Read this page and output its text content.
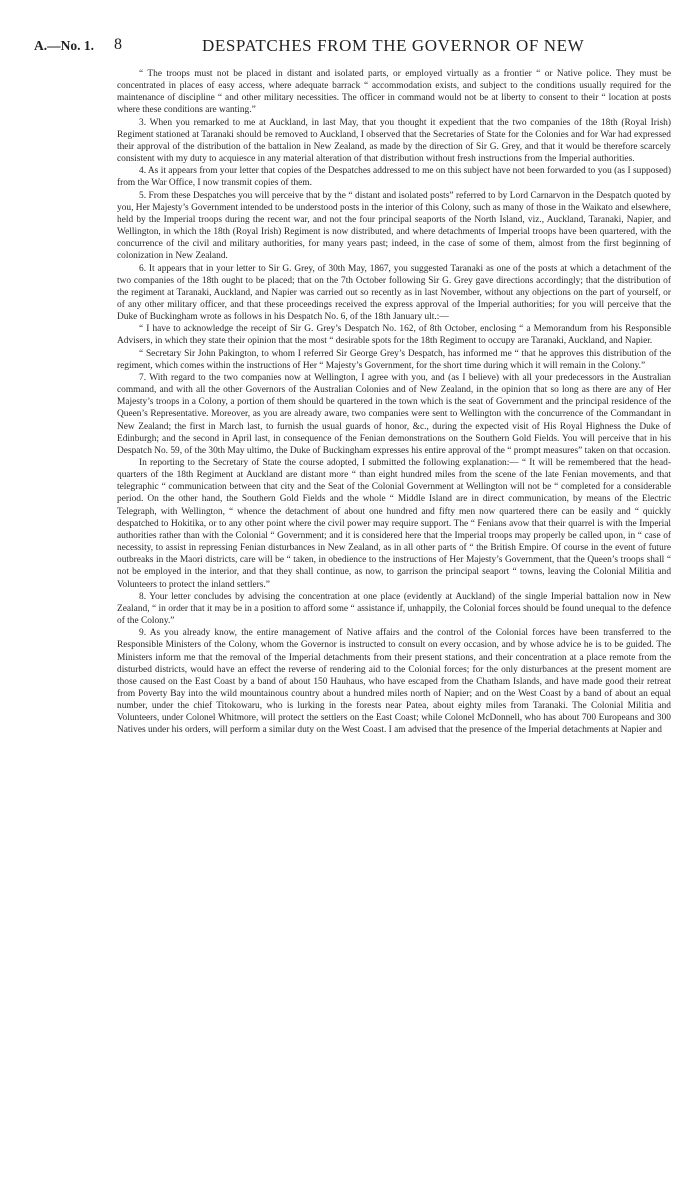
A.—No. 1. 8	DESPATCHES FROM THE GOVERNOR OF NEW

“ The troops must not be placed in distant and isolated parts, or employed virtually as a frontier “ or Native police. They must be concentrated in places of easy access, where adequate barrack “ accommodation exists, and subject to the conditions usually required for the maintenance of discipline “ and other military necessities. The officer in command would not be at liberty to consent to their “ location at posts where these conditions are wanting.”

3. When you remarked to me at Auckland, in last May, that you thought it expedient that the two companies of the 18th (Royal Irish) Regiment stationed at Taranaki should be removed to Auckland, I observed that the Secretaries of State for the Colonies and for War had expressed their approval of the distribution of the battalion in New Zealand, as made by the direction of Sir G. Grey, and that it would be therefore scarcely consistent with my duty to acquiesce in any material alteration of that distribution without fresh instructions from the Imperial authorities.

4. As it appears from your letter that copies of the Despatches addressed to me on this subject have not been forwarded to you (as I supposed) from the War Office, I now transmit copies of them.

5. From these Despatches you will perceive that by the “ distant and isolated posts” referred to by Lord Carnarvon in the Despatch quoted by you, Her Majesty’s Government intended to be understood posts in the interior of this Colony, such as many of those in the Waikato and elsewhere, held by the Imperial troops during the recent war, and not the four principal seaports of the North Island, viz., Auckland, Taranaki, Napier, and Wellington, in which the 18th (Royal Irish) Regiment is now distributed, and where detachments of Imperial troops have been quartered, with the concurrence of the civil and military authorities, for many years past; indeed, in the case of some of them, almost from the first beginning of colonization in New Zealand.

6. It appears that in your letter to Sir G. Grey, of 30th May, 1867, you suggested Taranaki as one of the posts at which a detachment of the two companies of the 18th ought to be placed; that on the 7th October following Sir G. Grey gave directions accordingly; that the distribution of the regiment at Taranaki, Auckland, and Napier was carried out so recently as in last November, without any objections on the part of yourself, or of any other military officer, and that these proceedings received the express approval of the Imperial authorities; for you will perceive that the Duke of Buckingham wrote as follows in his Despatch No. 6, of the 18th January ult.:—

“ I have to acknowledge the receipt of Sir G. Grey’s Despatch No. 162, of 8th October, enclosing “ a Memorandum from his Responsible Advisers, in which they state their opinion that the most “ desirable spots for the 18th Regiment to occupy are Taranaki, Auckland, and Napier.

“ Secretary Sir John Pakington, to whom I referred Sir George Grey’s Despatch, has informed me “ that he approves this distribution of the regiment, which comes within the instructions of Her “ Majesty’s Government, for the short time during which it will remain in the Colony.”

7. With regard to the two companies now at Wellington, I agree with you, and (as I believe) with all your predecessors in the Australian command, and with all the other Governors of the Australian Colonies and of New Zealand, in the opinion that so long as there are any of Her Majesty’s troops in a Colony, a portion of them should be quartered in the town which is the seat of Government and the principal residence of the Queen’s Representative. Moreover, as you are already aware, two companies were sent to Wellington with the concurrence of the Commandant in New Zealand; the first in March last, to furnish the usual guards of honor, &c., during the expected visit of His Royal Highness the Duke of Edinburgh; and the second in April last, in consequence of the Fenian demonstrations on the Southern Gold Fields. You will perceive that in his Despatch No. 59, of the 30th May ultimo, the Duke of Buckingham expresses his entire approval of the “ prompt measures” taken on that occasion.

In reporting to the Secretary of State the course adopted, I submitted the following explanation:— “ It will be remembered that the head-quarters of the 18th Regiment at Auckland are distant more “ than eight hundred miles from the scene of the late Fenian movements, and that telegraphic “ communication between that city and the Seat of the Colonial Government at Wellington will not be “ completed for a considerable period. On the other hand, the Southern Gold Fields and the whole “ Middle Island are in direct communication, by means of the Electric Telegraph, with Wellington, “ whence the detachment of about one hundred and fifty men now quartered there can be easily and “ quickly despatched to Hokitika, or to any other point where the civil power may require support. The “ Fenians avow that their quarrel is with the Imperial authorities rather than with the Colonial “ Government; and it is considered here that the Imperial troops may properly be called upon, in “ case of necessity, to assist in repressing Fenian disturbances in New Zealand, as in all other parts of “ the British Empire. Of course in the event of future outbreaks in the Maori districts, care will be “ taken, in obedience to the instructions of Her Majesty’s Government, that the Queen’s troops shall “ not be employed in the interior, and that they shall continue, as now, to garrison the principal seaport “ towns, leaving the Colonial Militia and Volunteers to protect the inland settlers.”

8. Your letter concludes by advising the concentration at one place (evidently at Auckland) of the single Imperial battalion now in New Zealand, “ in order that it may be in a position to afford some “ assistance if, unhappily, the Colonial forces should be found unequal to the defence of the Colony.”

9. As you already know, the entire management of Native affairs and the control of the Colonial forces have been transferred to the Responsible Ministers of the Colony, whom the Governor is instructed to consult on every occasion, and by whose advice he is to be guided. The Ministers inform me that the removal of the Imperial detachments from their present stations, and their concentration at a place remote from the disturbed districts, would have an effect the reverse of rendering aid to the Colonial forces; for the only disturbances at the present moment are those caused on the East Coast by a band of about 150 Hauhaus, who have escaped from the Chatham Islands, and have made good their retreat from Poverty Bay into the wild mountainous country about a hundred miles north of Napier; and on the West Coast by a band of about an equal number, under the chief Titokowaru, who is lurking in the forests near Patea, about eighty miles from Taranaki. The Colonial Militia and Volunteers, under Colonel Whitmore, will protect the settlers on the East Coast; while Colonel McDonnell, who has about 700 Europeans and 300 Natives under his orders, will perform a similar duty on the West Coast. I am advised that the presence of the Imperial detachments at Napier and
